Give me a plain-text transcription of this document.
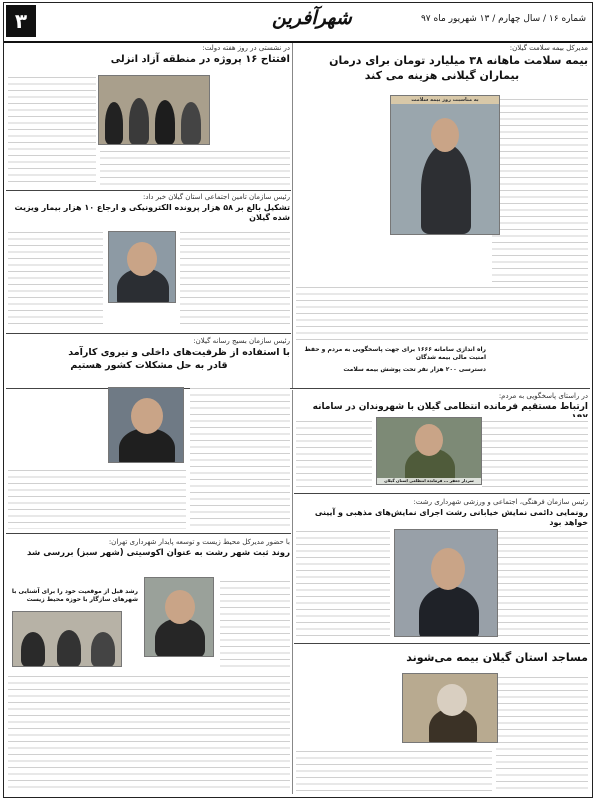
۳	شهرآفرین	شماره ۱۶ / سال چهارم / ۱۳ شهریور ماه ۹۷
مدیرکل بیمه سلامت گیلان:
بیمه سلامت ماهانه ۳۸ میلیارد تومان برای درمان
بیماران گیلانی هزینه می کند
راه اندازی سامانه ۱۶۶۶ برای جهت پاسخگویی به مردم و حفظ امنیت مالی بیمه شدگان
دسترسی ۲۰۰ هزار نفر تحت پوشش بیمه سلامت
به مناسبت روز بیمه سلامت
در نشستی در روز هفته دولت:
افتتاح ۱۶ پروژه در منطقه آزاد انزلی
رئیس سازمان تامین اجتماعی استان گیلان خبر داد:
تشکیل بالغ بر ۵۸ هزار پرونده الکترونیکی و ارجاع ۱۰ هزار بیمار ویزیت شده گیلان
رئیس سازمان بسیج رسانه گیلان:
با استفاده از ظرفیت‌های داخلی و نیروی کارآمد
قادر به حل مشکلات کشور هستیم
با حضور مدیرکل محیط زیست و توسعه پایدار شهرداری تهران:
روند ثبت شهر رشت به عنوان اکوسیتی (شهر سبز) بررسی شد
رشد قبل از موقعیت خود را برای آشنایی با شهرهای سازگار با حوزه محیط زیست
در راستای پاسخگویی به مردم:
ارتباط مستقیم فرمانده انتظامی گیلان با شهروندان در سامانه
سردار جعفر ... فرمانده انتظامی استان گیلان
رئیس سازمان فرهنگی، اجتماعی و ورزشی شهرداری رشت:
رونمایی دائمی نمایش خیابانی رشت اجرای نمایش‌های مذهبی و آیینی خواهد بود
مساجد استان گیلان بیمه می‌شوند
